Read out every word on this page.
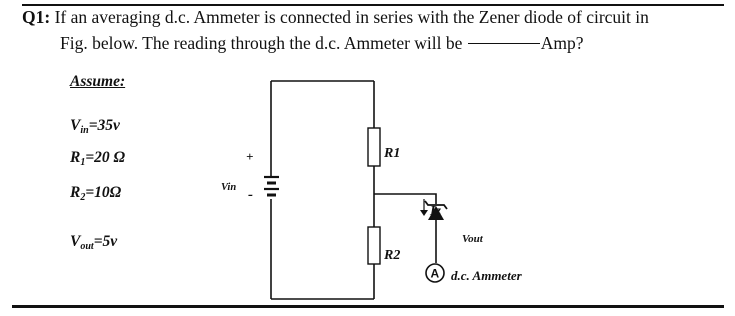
Q1: If an averaging d.c. Ammeter is connected in series with the Zener diode of circuit in
Fig. below. The reading through the d.c. Ammeter will be	Amp?
Assume:
$V_{in}=35v$
$R_1=20$ Ω
$R_2=10\Omega$
$V_{out}=5v$
+
-
Vin
R1
R2
Iz
Vout
A d.c. Ammeter
